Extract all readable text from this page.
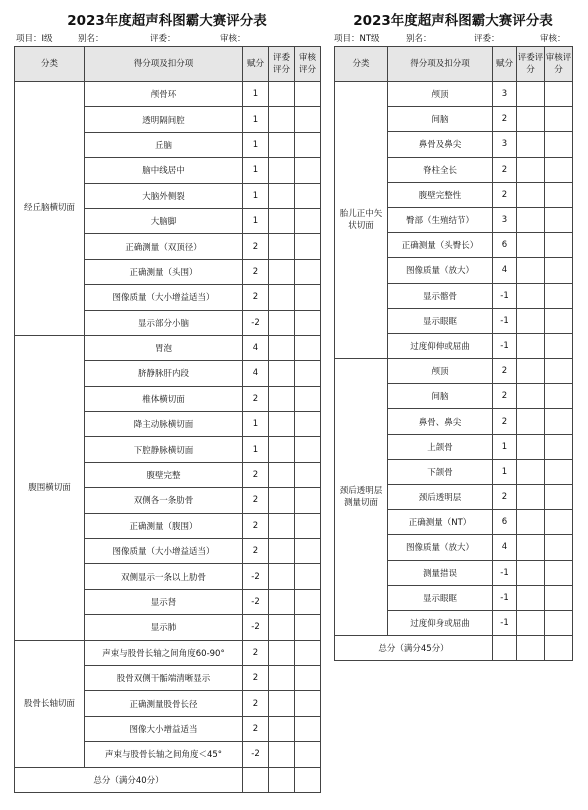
2023年度超声科图霸大赛评分表
项目：I级	别名：	评委：	审核：
分类	得分项及扣分项	赋分	评委评分	审核评分
经丘脑横切面	颅骨环	1		
	透明隔间腔	1		
	丘脑	1		
	脑中线居中	1		
	大脑外侧裂	1		
	大脑脚	1		
	正确测量（双顶径）	2		
	正确测量（头围）	2		
	图像质量（大小增益适当）	2		
	显示部分小脑	-2		
腹围横切面	胃泡	4		
	脐静脉肝内段	4		
	椎体横切面	2		
	降主动脉横切面	1		
	下腔静脉横切面	1		
	腹壁完整	2		
	双侧各一条肋骨	2		
	正确测量（腹围）	2		
	图像质量（大小增益适当）	2		
	双侧显示一条以上肋骨	-2		
	显示肾	-2		
	显示肺	-2		
股骨长轴切面	声束与股骨长轴之间角度60-90°	2		
	股骨双侧干骺端清晰显示	2		
	正确测量股骨长径	2		
	图像大小增益适当	2		
	声束与股骨长轴之间角度＜45°	-2		
总分（满分40分）				
2023年度超声科图霸大赛评分表
项目：NT级	别名：	评委：	审核：
分类	得分项及扣分项	赋分	评委评分	审核评分
胎儿正中矢状切面	颅顶	3		
	间脑	2		
	鼻骨及鼻尖	3		
	脊柱全长	2		
	腹壁完整性	2		
	臀部（生殖结节）	3		
	正确测量（头臀长）	6		
	图像质量（放大）	4		
	显示髂骨	-1		
	显示眼眶	-1		
	过度仰伸或屈曲	-1		
颈后透明层测量切面	颅顶	2		
	间脑	2		
	鼻骨、鼻尖	2		
	上颌骨	1		
	下颌骨	1		
	颈后透明层	2		
	正确测量（NT）	6		
	图像质量（放大）	4		
	测量措误	-1		
	显示眼眶	-1		
	过度仰身或屈曲	-1		
总分（满分45分）				
